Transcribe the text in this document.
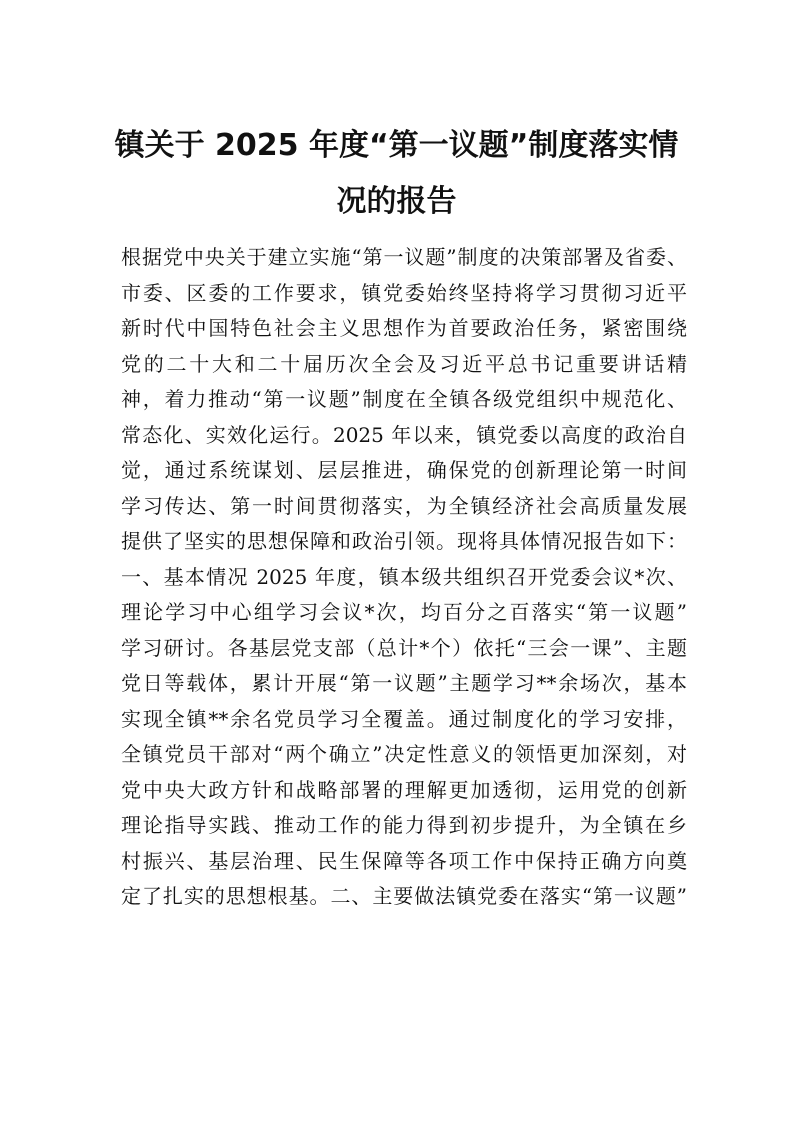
镇关于 2025 年度“第一议题”制度落实情
况的报告
根据党中央关于建立实施“第一议题”制度的决策部署及省委、
市委、区委的工作要求，镇党委始终坚持将学习贯彻习近平
新时代中国特色社会主义思想作为首要政治任务，紧密围绕
党的二十大和二十届历次全会及习近平总书记重要讲话精
神，着力推动“第一议题”制度在全镇各级党组织中规范化、
常态化、实效化运行。2025 年以来，镇党委以高度的政治自
觉，通过系统谋划、层层推进，确保党的创新理论第一时间
学习传达、第一时间贯彻落实，为全镇经济社会高质量发展
提供了坚实的思想保障和政治引领。现将具体情况报告如下：
一、基本情况 2025 年度，镇本级共组织召开党委会议*次、
理论学习中心组学习会议*次，均百分之百落实“第一议题”
学习研讨。各基层党支部（总计*个）依托“三会一课”、主题
党日等载体，累计开展“第一议题”主题学习**余场次，基本
实现全镇**余名党员学习全覆盖。通过制度化的学习安排，
全镇党员干部对“两个确立”决定性意义的领悟更加深刻，对
党中央大政方针和战略部署的理解更加透彻，运用党的创新
理论指导实践、推动工作的能力得到初步提升，为全镇在乡
村振兴、基层治理、民生保障等各项工作中保持正确方向奠
定了扎实的思想根基。二、主要做法镇党委在落实“第一议题”
